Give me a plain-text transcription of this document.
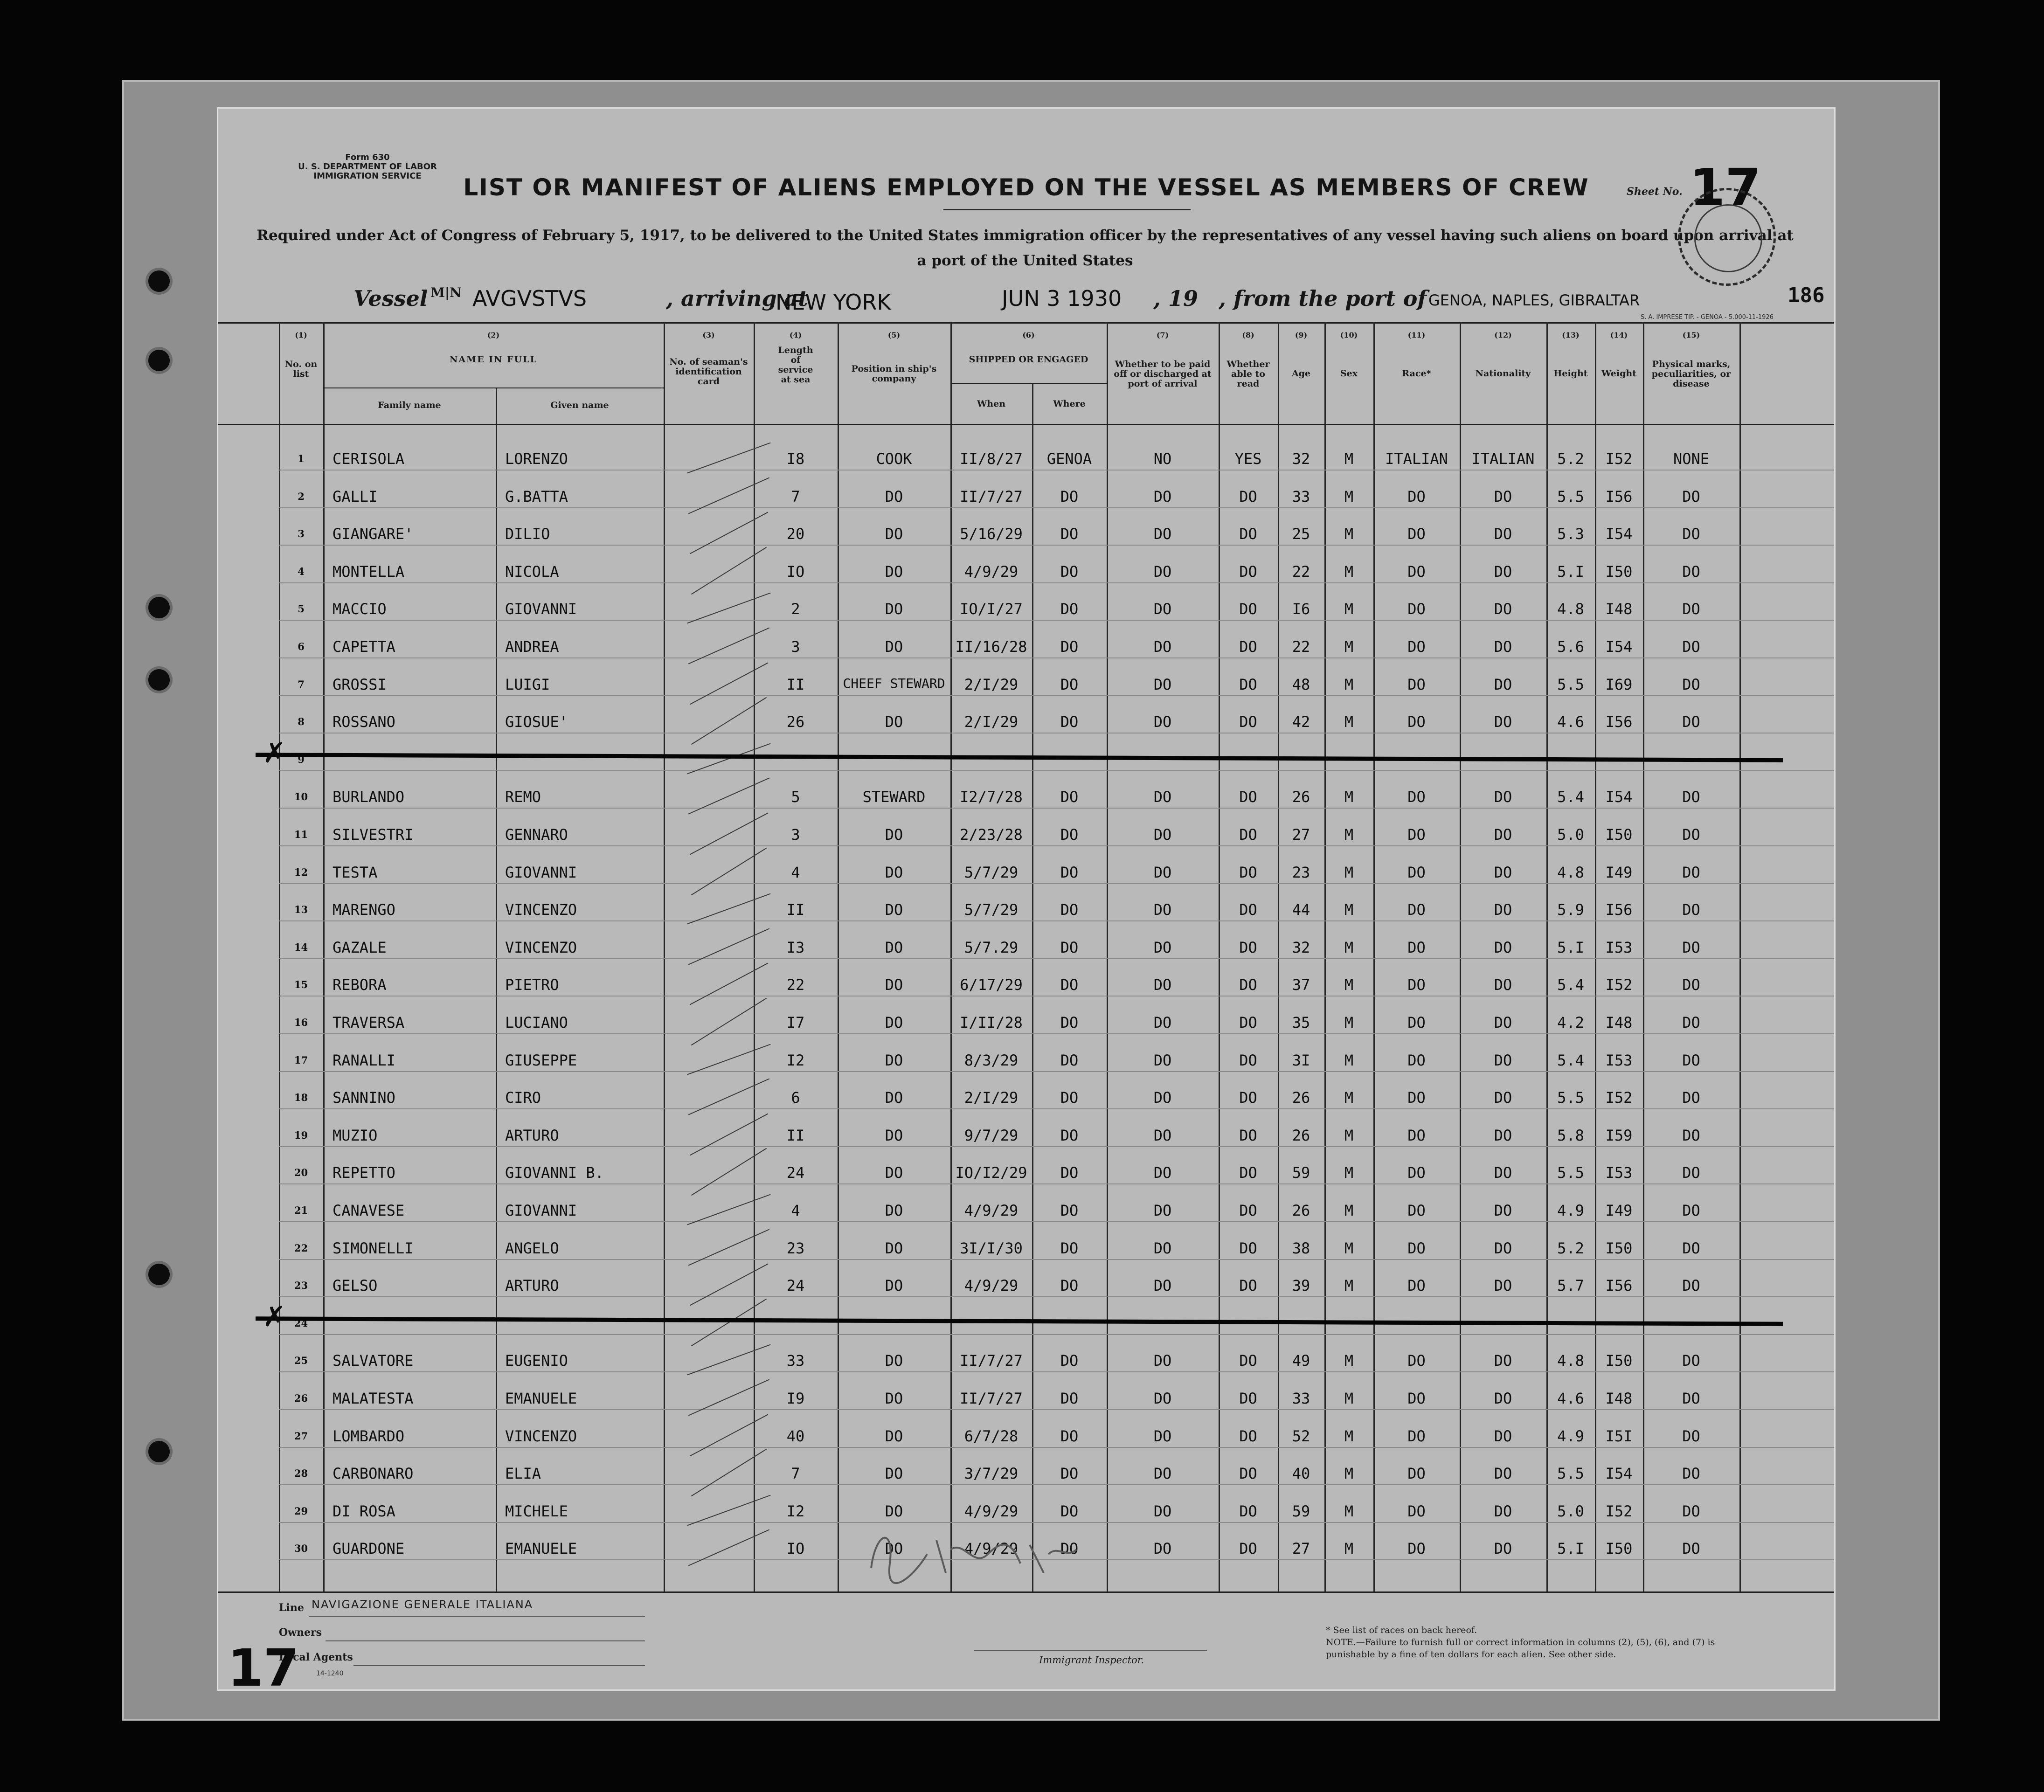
Form 630
U. S. DEPARTMENT OF LABOR
IMMIGRATION SERVICE	LIST OR MANIFEST OF ALIENS EMPLOYED ON THE VESSEL AS MEMBERS OF CREW
Required under Act of Congress of February 5, 1917, to be delivered to the United States immigration officer by the representatives of any vessel having such aliens on board upon arrival at a port of the United States
Sheet No. 17
186
S. A. IMPRESE TIP. - GENOA - 5.000-11-1926
Vessel M|N AVGVSTVS	, arriving at
NEW YORK	JUN 3 1930 , 19 , from the port of GENOA, NAPLES, GIBRALTAR
(1)
No. on list
(2)
NAME IN FULL
Family name	Given name
(3)
No. of seaman's identification card
(4)
Length of service at sea
(5)
Position in ship's company
(6)
SHIPPED OR ENGAGED
When	Where
(7)
Whether to be paid off or discharged at port of arrival
(8)
Whether able to read
(9)
Age
(10)
Sex
(11)
Race*
(12)
Nationality
(13)
Height
(14)
Weight
(15)
Physical marks, peculiarities, or disease
1	CERISOLA	LORENZO	I8	COOK	II/8/27	GENOA	NO	YES	32	M	ITALIAN	ITALIAN	5.2	I52	NONE
2	GALLI	G.BATTA	7	DO	II/7/27	DO	DO	DO	33	M	DO	DO	5.5	I56	DO
3	GIANGARE'	DILIO	20	DO	5/16/29	DO	DO	DO	25	M	DO	DO	5.3	I54	DO
4	MONTELLA	NICOLA	IO	DO	4/9/29	DO	DO	DO	22	M	DO	DO	5.I	I50	DO
5	MACCIO	GIOVANNI	2	DO	IO/I/27	DO	DO	DO	I6	M	DO	DO	4.8	I48	DO
6	CAPETTA	ANDREA	3	DO	II/16/28	DO	DO	DO	22	M	DO	DO	5.6	I54	DO
7	GROSSI	LUIGI	II	CHEEF STEWARD	2/I/29	DO	DO	DO	48	M	DO	DO	5.5	I69	DO
8	ROSSANO	GIOSUE'	26	DO	2/I/29	DO	DO	DO	42	M	DO	DO	4.6	I56	DO
9
✗
10	BURLANDO	REMO	5	STEWARD	I2/7/28	DO	DO	DO	26	M	DO	DO	5.4	I54	DO
11	SILVESTRI	GENNARO	3	DO	2/23/28	DO	DO	DO	27	M	DO	DO	5.0	I50	DO
12	TESTA	GIOVANNI	4	DO	5/7/29	DO	DO	DO	23	M	DO	DO	4.8	I49	DO
13	MARENGO	VINCENZO	II	DO	5/7/29	DO	DO	DO	44	M	DO	DO	5.9	I56	DO
14	GAZALE	VINCENZO	I3	DO	5/7.29	DO	DO	DO	32	M	DO	DO	5.I	I53	DO
15	REBORA	PIETRO	22	DO	6/17/29	DO	DO	DO	37	M	DO	DO	5.4	I52	DO
16	TRAVERSA	LUCIANO	I7	DO	I/II/28	DO	DO	DO	35	M	DO	DO	4.2	I48	DO
17	RANALLI	GIUSEPPE	I2	DO	8/3/29	DO	DO	DO	3I	M	DO	DO	5.4	I53	DO
18	SANNINO	CIRO	6	DO	2/I/29	DO	DO	DO	26	M	DO	DO	5.5	I52	DO
19	MUZIO	ARTURO	II	DO	9/7/29	DO	DO	DO	26	M	DO	DO	5.8	I59	DO
20	REPETTO	GIOVANNI B.	24	DO	IO/I2/29	DO	DO	DO	59	M	DO	DO	5.5	I53	DO
21	CANAVESE	GIOVANNI	4	DO	4/9/29	DO	DO	DO	26	M	DO	DO	4.9	I49	DO
22	SIMONELLI	ANGELO	23	DO	3I/I/30	DO	DO	DO	38	M	DO	DO	5.2	I50	DO
23	GELSO	ARTURO	24	DO	4/9/29	DO	DO	DO	39	M	DO	DO	5.7	I56	DO
24
✗
25	SALVATORE	EUGENIO	33	DO	II/7/27	DO	DO	DO	49	M	DO	DO	4.8	I50	DO
26	MALATESTA	EMANUELE	I9	DO	II/7/27	DO	DO	DO	33	M	DO	DO	4.6	I48	DO
27	LOMBARDO	VINCENZO	40	DO	6/7/28	DO	DO	DO	52	M	DO	DO	4.9	I5I	DO
28	CARBONARO	ELIA	7	DO	3/7/29	DO	DO	DO	40	M	DO	DO	5.5	I54	DO
29	DI ROSA	MICHELE	I2	DO	4/9/29	DO	DO	DO	59	M	DO	DO	5.0	I52	DO
30	GUARDONE	EMANUELE	IO	DO	4/9/29	DO	DO	DO	27	M	DO	DO	5.I	I50	DO
Line NAVIGAZIONE GENERALE ITALIANA
Owners
Local Agents
14-1240
17	Immigrant Inspector.
* See list of races on back hereof.
NOTE.—Failure to furnish full or correct information in columns (2), (5), (6), and (7) is punishable by a fine of ten dollars for each alien. See other side.
